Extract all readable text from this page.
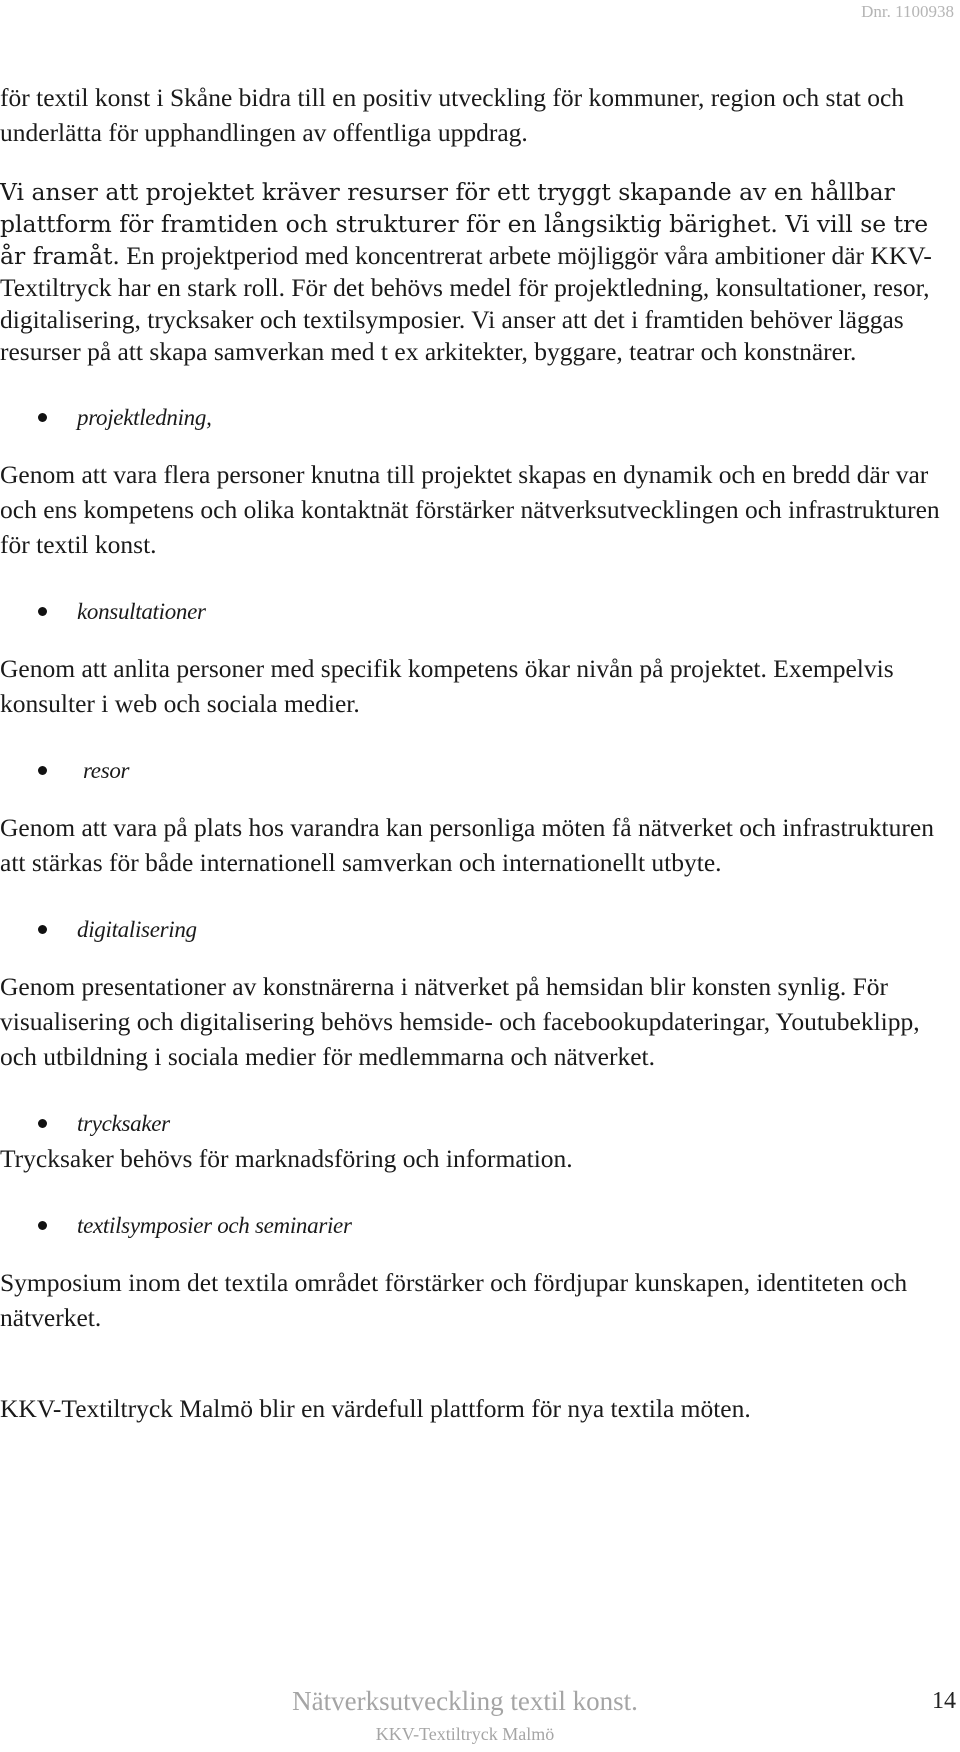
Dnr. 1100938

för textil konst i Skåne bidra till en positiv utveckling för kommuner, region och stat och underlätta för upphandlingen av offentliga uppdrag.

Vi anser att projektet kräver resurser för ett tryggt skapande av en hållbar plattform för framtiden och strukturer för en långsiktig bärighet. Vi vill se tre år framåt. En projektperiod med koncentrerat arbete möjliggör våra ambitioner där KKV-Textiltryck har en stark roll. För det behövs medel för projektledning, konsultationer, resor, digitalisering, trycksaker och textilsymposier. Vi anser att det i framtiden behöver läggas resurser på att skapa samverkan med t ex arkitekter, byggare, teatrar och konstnärer.

projektledning,

Genom att vara flera personer knutna till projektet skapas en dynamik och en bredd där var och ens kompetens och olika kontaktnät förstärker nätverksutvecklingen och infrastrukturen för textil konst.

konsultationer

Genom att anlita personer med specifik kompetens ökar nivån på projektet. Exempelvis konsulter i web och sociala medier.

resor

Genom att vara på plats hos varandra kan personliga möten få nätverket och infrastrukturen att stärkas för både internationell samverkan och internationellt utbyte.

digitalisering

Genom presentationer av konstnärerna i nätverket på hemsidan blir konsten synlig. För visualisering och digitalisering behövs hemside- och facebookupdateringar, Youtubeklipp, och utbildning i sociala medier för medlemmarna och nätverket.

trycksaker

Trycksaker behövs för marknadsföring och information.

textilsymposier och seminarier

Symposium inom det textila området förstärker och fördjupar kunskapen, identiteten och nätverket.

KKV-Textiltryck Malmö blir en värdefull plattform för nya textila möten.

Nätverksutveckling textil konst.
KKV-Textiltryck Malmö
14
